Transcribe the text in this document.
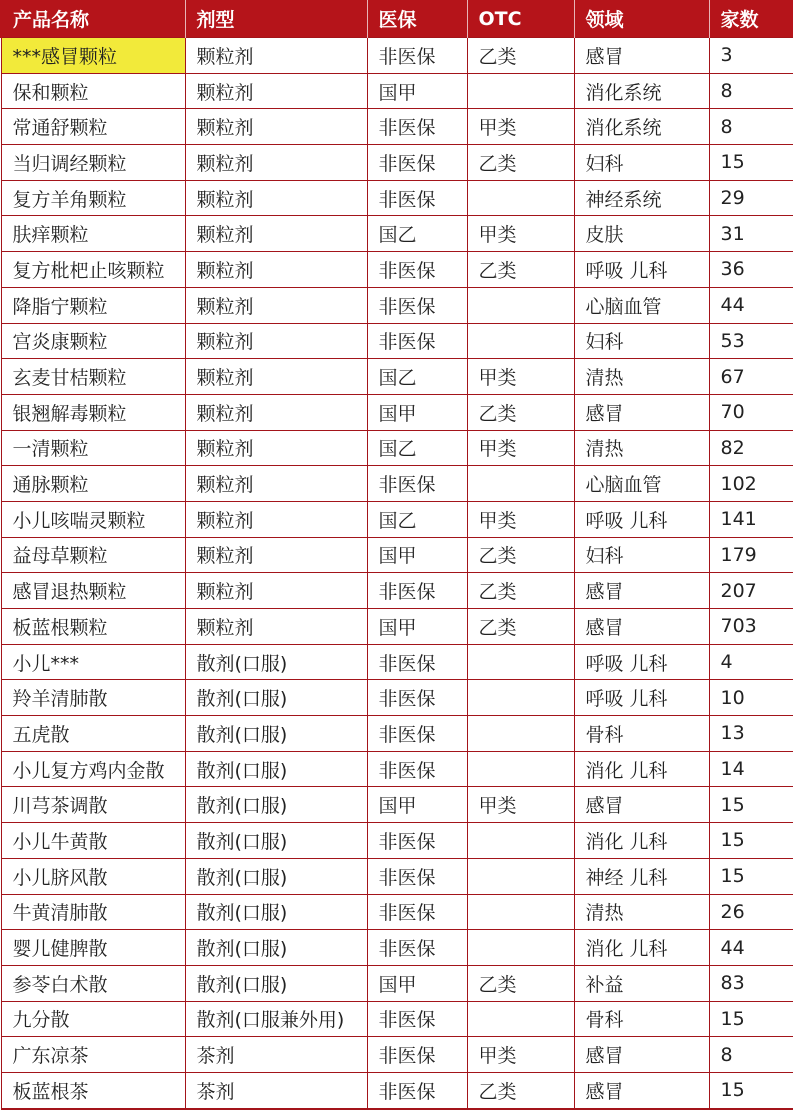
产品名称	剂型	医保	OTC	领域	家数
***感冒颗粒	颗粒剂	非医保	乙类	感冒	3
保和颗粒	颗粒剂	国甲		消化系统	8
常通舒颗粒	颗粒剂	非医保	甲类	消化系统	8
当归调经颗粒	颗粒剂	非医保	乙类	妇科	15
复方羊角颗粒	颗粒剂	非医保		神经系统	29
肤痒颗粒	颗粒剂	国乙	甲类	皮肤	31
复方枇杷止咳颗粒	颗粒剂	非医保	乙类	呼吸 儿科	36
降脂宁颗粒	颗粒剂	非医保		心脑血管	44
宫炎康颗粒	颗粒剂	非医保		妇科	53
玄麦甘桔颗粒	颗粒剂	国乙	甲类	清热	67
银翘解毒颗粒	颗粒剂	国甲	乙类	感冒	70
一清颗粒	颗粒剂	国乙	甲类	清热	82
通脉颗粒	颗粒剂	非医保		心脑血管	102
小儿咳喘灵颗粒	颗粒剂	国乙	甲类	呼吸 儿科	141
益母草颗粒	颗粒剂	国甲	乙类	妇科	179
感冒退热颗粒	颗粒剂	非医保	乙类	感冒	207
板蓝根颗粒	颗粒剂	国甲	乙类	感冒	703
小儿***	散剂(口服)	非医保		呼吸 儿科	4
羚羊清肺散	散剂(口服)	非医保		呼吸 儿科	10
五虎散	散剂(口服)	非医保		骨科	13
小儿复方鸡内金散	散剂(口服)	非医保		消化 儿科	14
川芎茶调散	散剂(口服)	国甲	甲类	感冒	15
小儿牛黄散	散剂(口服)	非医保		消化 儿科	15
小儿脐风散	散剂(口服)	非医保		神经 儿科	15
牛黄清肺散	散剂(口服)	非医保		清热	26
婴儿健脾散	散剂(口服)	非医保		消化 儿科	44
参苓白术散	散剂(口服)	国甲	乙类	补益	83
九分散	散剂(口服兼外用)	非医保		骨科	15
广东凉茶	茶剂	非医保	甲类	感冒	8
板蓝根茶	茶剂	非医保	乙类	感冒	15
